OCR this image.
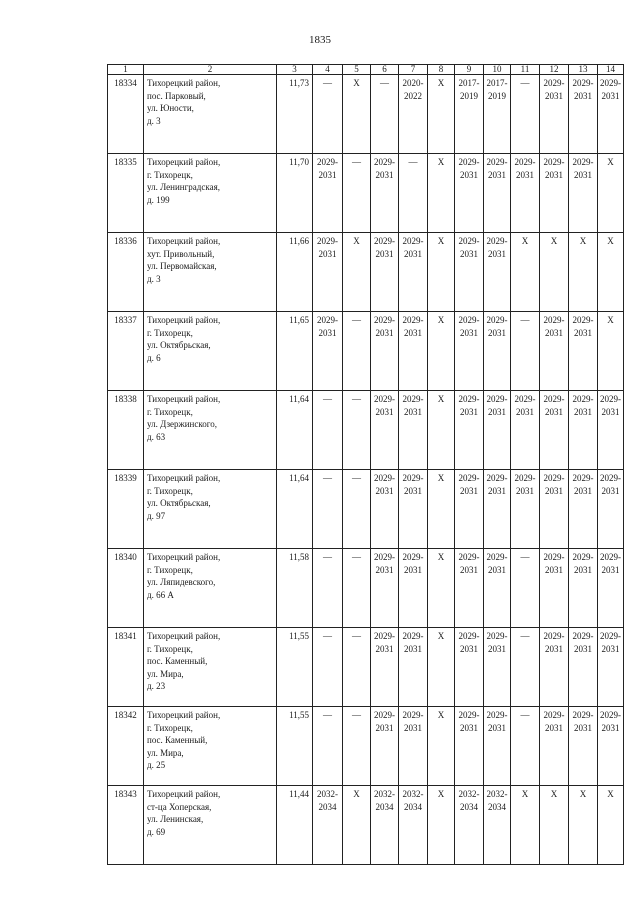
1835
1	2	3	4	5	6	7	8	9	10	11	12	13	14
18334	Тихорецкий район,
пос. Парковый,
ул. Юности,
д. 3	11,73	—	X	—	2020-
2022	X	2017-
2019	2017-
2019	—	2029-
2031	2029-
2031	2029-
2031
18335	Тихорецкий район,
г. Тихорецк,
ул. Ленинградская,
д. 199	11,70	2029-
2031	—	2029-
2031	—	X	2029-
2031	2029-
2031	2029-
2031	2029-
2031	2029-
2031	X
18336	Тихорецкий район,
хут. Привольный,
ул. Первомайская,
д. 3	11,66	2029-
2031	X	2029-
2031	2029-
2031	X	2029-
2031	2029-
2031	X	X	X	X
18337	Тихорецкий район,
г. Тихорецк,
ул. Октябрьская,
д. 6	11,65	2029-
2031	—	2029-
2031	2029-
2031	X	2029-
2031	2029-
2031	—	2029-
2031	2029-
2031	X
18338	Тихорецкий район,
г. Тихорецк,
ул. Дзержинского,
д. 63	11,64	—	—	2029-
2031	2029-
2031	X	2029-
2031	2029-
2031	2029-
2031	2029-
2031	2029-
2031	2029-
2031
18339	Тихорецкий район,
г. Тихорецк,
ул. Октябрьская,
д. 97	11,64	—	—	2029-
2031	2029-
2031	X	2029-
2031	2029-
2031	2029-
2031	2029-
2031	2029-
2031	2029-
2031
18340	Тихорецкий район,
г. Тихорецк,
ул. Ляпидевского,
д. 66 А	11,58	—	—	2029-
2031	2029-
2031	X	2029-
2031	2029-
2031	—	2029-
2031	2029-
2031	2029-
2031
18341	Тихорецкий район,
г. Тихорецк,
пос. Каменный,
ул. Мира,
д. 23	11,55	—	—	2029-
2031	2029-
2031	X	2029-
2031	2029-
2031	—	2029-
2031	2029-
2031	2029-
2031
18342	Тихорецкий район,
г. Тихорецк,
пос. Каменный,
ул. Мира,
д. 25	11,55	—	—	2029-
2031	2029-
2031	X	2029-
2031	2029-
2031	—	2029-
2031	2029-
2031	2029-
2031
18343	Тихорецкий район,
ст-ца Хоперская,
ул. Ленинская,
д. 69	11,44	2032-
2034	X	2032-
2034	2032-
2034	X	2032-
2034	2032-
2034	X	X	X	X
